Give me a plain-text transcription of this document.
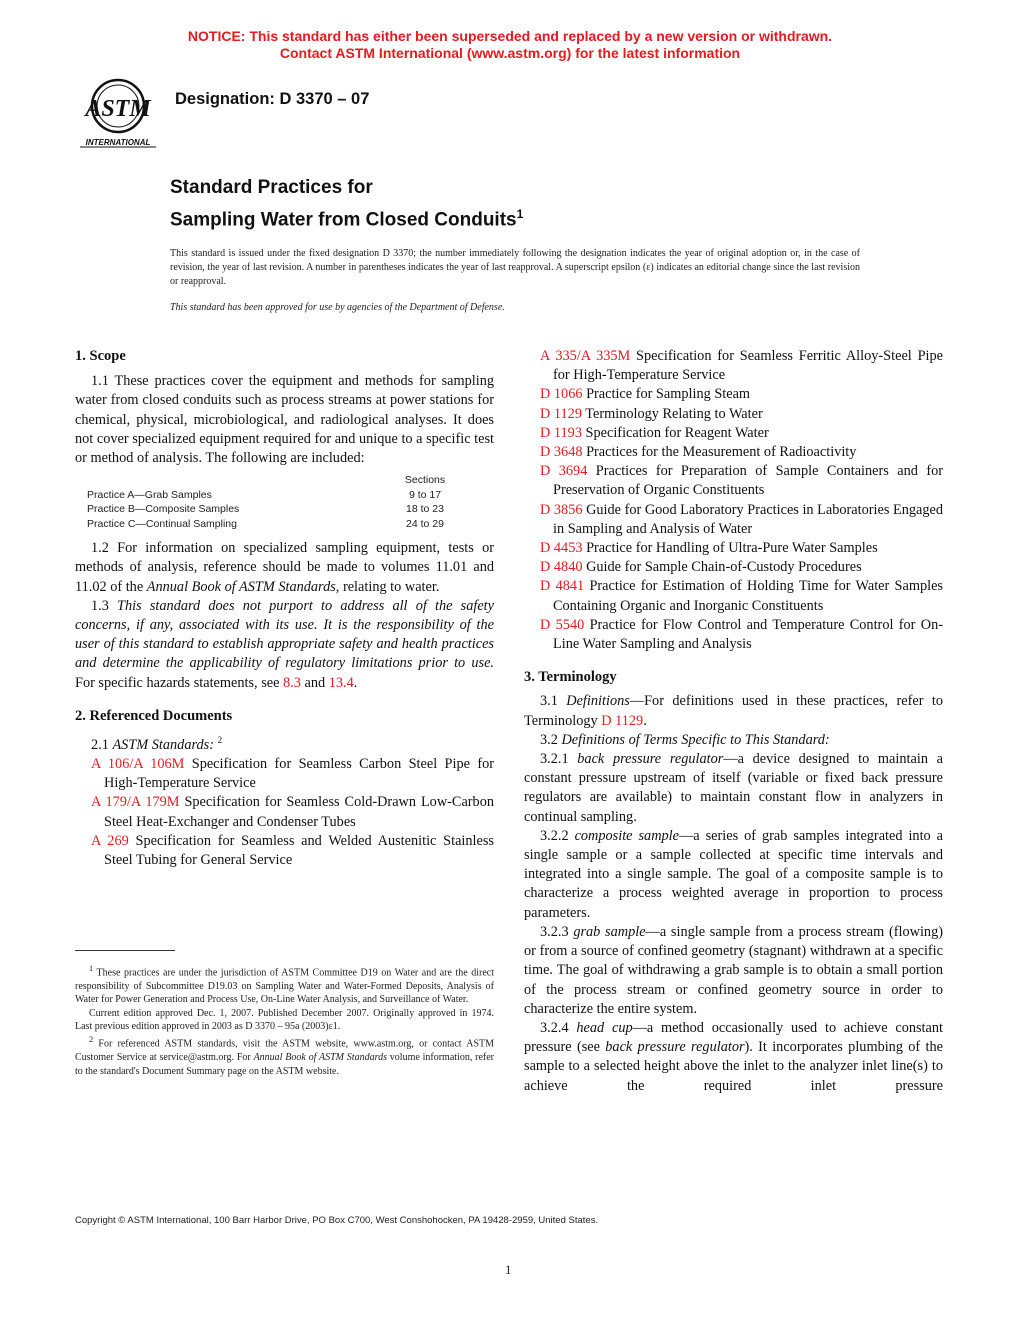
NOTICE: This standard has either been superseded and replaced by a new version or withdrawn.
Contact ASTM International (www.astm.org) for the latest information
ASTM
INTERNATIONAL
Designation: D 3370 – 07
Standard Practices for
Sampling Water from Closed Conduits$^1$
This standard is issued under the fixed designation D 3370; the number immediately following the designation indicates the year of original adoption or, in the case of revision, the year of last revision. A number in parentheses indicates the year of last reapproval. A superscript epsilon (ε) indicates an editorial change since the last revision or reapproval.
This standard has been approved for use by agencies of the Department of Defense.

1. Scope

1.1 These practices cover the equipment and methods for sampling water from closed conduits such as process streams at power stations for chemical, physical, microbiological, and radiological analyses. It does not cover specialized equipment required for and unique to a specific test or method of analysis. The following are included:

Sections
Practice A—Grab Samples	9 to 17
Practice B—Composite Samples	18 to 23
Practice C—Continual Sampling	24 to 29

1.2 For information on specialized sampling equipment, tests or methods of analysis, reference should be made to volumes 11.01 and 11.02 of the Annual Book of ASTM Standards, relating to water.

1.3 This standard does not purport to address all of the safety concerns, if any, associated with its use. It is the responsibility of the user of this standard to establish appropriate safety and health practices and determine the applicability of regulatory limitations prior to use. For specific hazards statements, see 8.3 and 13.4.

2. Referenced Documents

2.1 ASTM Standards: $^2$

A 106/A 106M Specification for Seamless Carbon Steel Pipe for High-Temperature Service

A 179/A 179M Specification for Seamless Cold-Drawn Low-Carbon Steel Heat-Exchanger and Condenser Tubes

A 269 Specification for Seamless and Welded Austenitic Stainless Steel Tubing for General Service

$^1$ These practices are under the jurisdiction of ASTM Committee D19 on Water and are the direct responsibility of Subcommittee D19.03 on Sampling Water and Water-Formed Deposits, Analysis of Water for Power Generation and Process Use, On-Line Water Analysis, and Surveillance of Water.

Current edition approved Dec. 1, 2007. Published December 2007. Originally approved in 1974. Last previous edition approved in 2003 as D 3370 – 95a (2003)ε1.

$^2$ For referenced ASTM standards, visit the ASTM website, www.astm.org, or contact ASTM Customer Service at service@astm.org. For Annual Book of ASTM Standards volume information, refer to the standard's Document Summary page on the ASTM website.

A 335/A 335M Specification for Seamless Ferritic Alloy-Steel Pipe for High-Temperature Service

D 1066 Practice for Sampling Steam

D 1129 Terminology Relating to Water

D 1193 Specification for Reagent Water

D 3648 Practices for the Measurement of Radioactivity

D 3694 Practices for Preparation of Sample Containers and for Preservation of Organic Constituents

D 3856 Guide for Good Laboratory Practices in Laboratories Engaged in Sampling and Analysis of Water

D 4453 Practice for Handling of Ultra-Pure Water Samples

D 4840 Guide for Sample Chain-of-Custody Procedures

D 4841 Practice for Estimation of Holding Time for Water Samples Containing Organic and Inorganic Constituents

D 5540 Practice for Flow Control and Temperature Control for On-Line Water Sampling and Analysis

3. Terminology

3.1 Definitions—For definitions used in these practices, refer to Terminology D 1129.

3.2 Definitions of Terms Specific to This Standard:

3.2.1 back pressure regulator—a device designed to maintain a constant pressure upstream of itself (variable or fixed back pressure regulators are available) to maintain constant flow in analyzers in continual sampling.

3.2.2 composite sample—a series of grab samples integrated into a single sample or a sample collected at specific time intervals and integrated into a single sample. The goal of a composite sample is to characterize a process weighted average in proportion to process parameters.

3.2.3 grab sample—a single sample from a process stream (flowing) or from a source of confined geometry (stagnant) withdrawn at a specific time. The goal of withdrawing a grab sample is to obtain a small portion of the process stream or confined geometry source in order to characterize the entire system.

3.2.4 head cup—a method occasionally used to achieve constant pressure (see back pressure regulator). It incorporates plumbing of the sample to a selected height above the inlet to the analyzer inlet line(s) to achieve the required inlet pressure

Copyright © ASTM International, 100 Barr Harbor Drive, PO Box C700, West Conshohocken, PA 19428-2959, United States.
1
